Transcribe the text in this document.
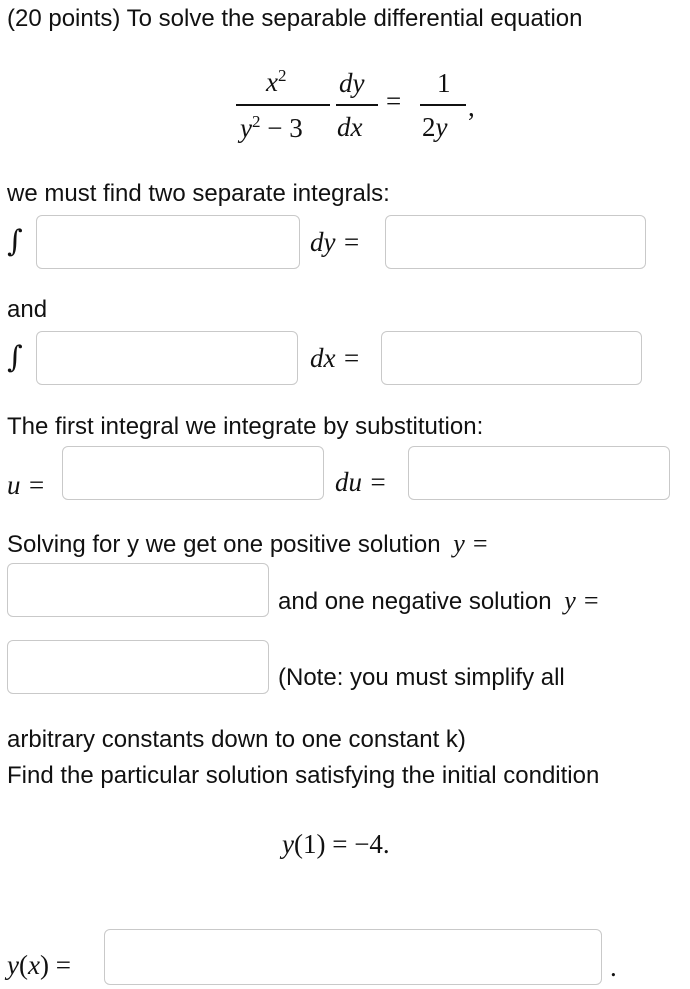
(20 points) To solve the separable differential equation
$x^2$
$y^2 - 3$
dy
dx
=
1
2y
,
we must find two separate integrals:
∫	dy =
and
∫	dx =
The first integral we integrate by substitution:
u =	du =
Solving for y we get one positive solution y =
and one negative solution y =
(Note: you must simplify all
arbitrary constants down to one constant k)
Find the particular solution satisfying the initial condition
y(1) = −4.
y(x) =	.
